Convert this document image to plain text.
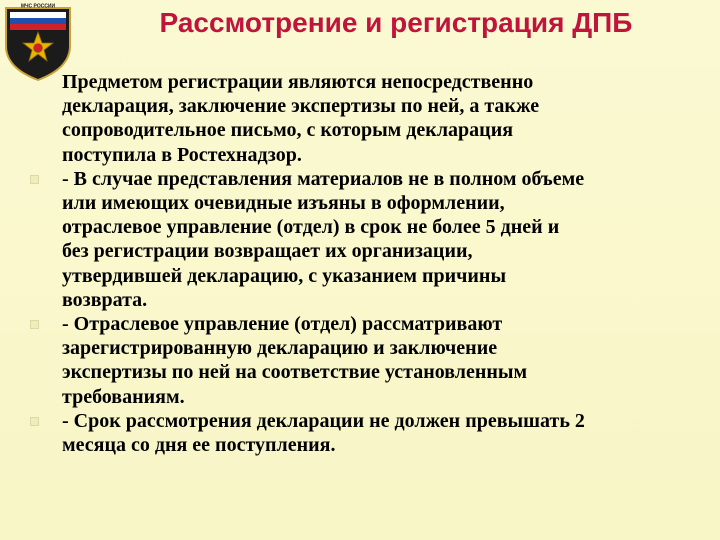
МЧС РОССИИ
Рассмотрение и регистрация ДПБ
Предметом регистрации являются непосредственно
декларация, заключение экспертизы по ней, а также
сопроводительное письмо, с которым декларация
поступила в Ростехнадзор.
- В случае представления материалов не в полном объеме
или имеющих очевидные изъяны в оформлении,
отраслевое управление (отдел) в срок не более 5 дней и
без регистрации возвращает их организации,
утвердившей декларацию, с указанием причины
возврата.
- Отраслевое управление (отдел) рассматривают
зарегистрированную декларацию и заключение
экспертизы по ней на соответствие установленным
требованиям.
- Срок рассмотрения декларации не должен превышать 2
месяца со дня ее поступления.
